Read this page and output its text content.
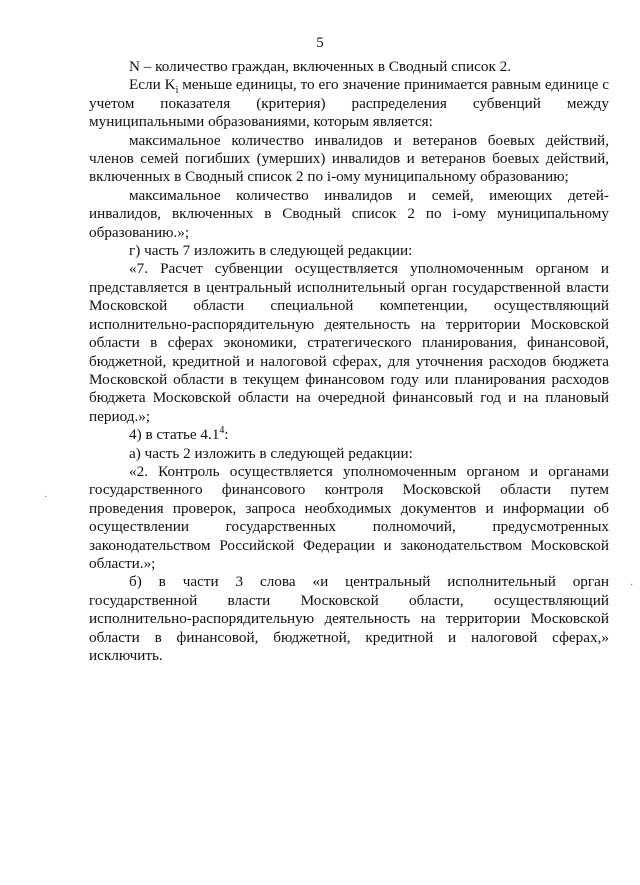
5

N – количество граждан, включенных в Сводный список 2.

Если $K_i$ меньше единицы, то его значение принимается равным единице с учетом показателя (критерия) распределения субвенций между муниципальными образованиями, которым является:

максимальное количество инвалидов и ветеранов боевых действий, членов семей погибших (умерших) инвалидов и ветеранов боевых действий, включенных в Сводный список 2 по i-ому муниципальному образованию;

максимальное количество инвалидов и семей, имеющих детей-инвалидов, включенных в Сводный список 2 по i-ому муниципальному образованию.»;

г) часть 7 изложить в следующей редакции:

«7. Расчет субвенции осуществляется уполномоченным органом и представляется в центральный исполнительный орган государственной власти Московской области специальной компетенции, осуществляющий исполнительно-распорядительную деятельность на территории Московской области в сферах экономики, стратегического планирования, финансовой, бюджетной, кредитной и налоговой сферах, для уточнения расходов бюджета Московской области в текущем финансовом году или планирования расходов бюджета Московской области на очередной финансовый год и на плановый период.»;

4) в статье $4.1^4$:

а) часть 2 изложить в следующей редакции:

«2. Контроль осуществляется уполномоченным органом и органами государственного финансового контроля Московской области путем проведения проверок, запроса необходимых документов и информации об осуществлении государственных полномочий, предусмотренных законодательством Российской Федерации и законодательством Московской области.»;

б) в части 3 слова «и центральный исполнительный орган государственной власти Московской области, осуществляющий исполнительно-распорядительную деятельность на территории Московской области в финансовой, бюджетной, кредитной и налоговой сферах,» исключить.

·
·
